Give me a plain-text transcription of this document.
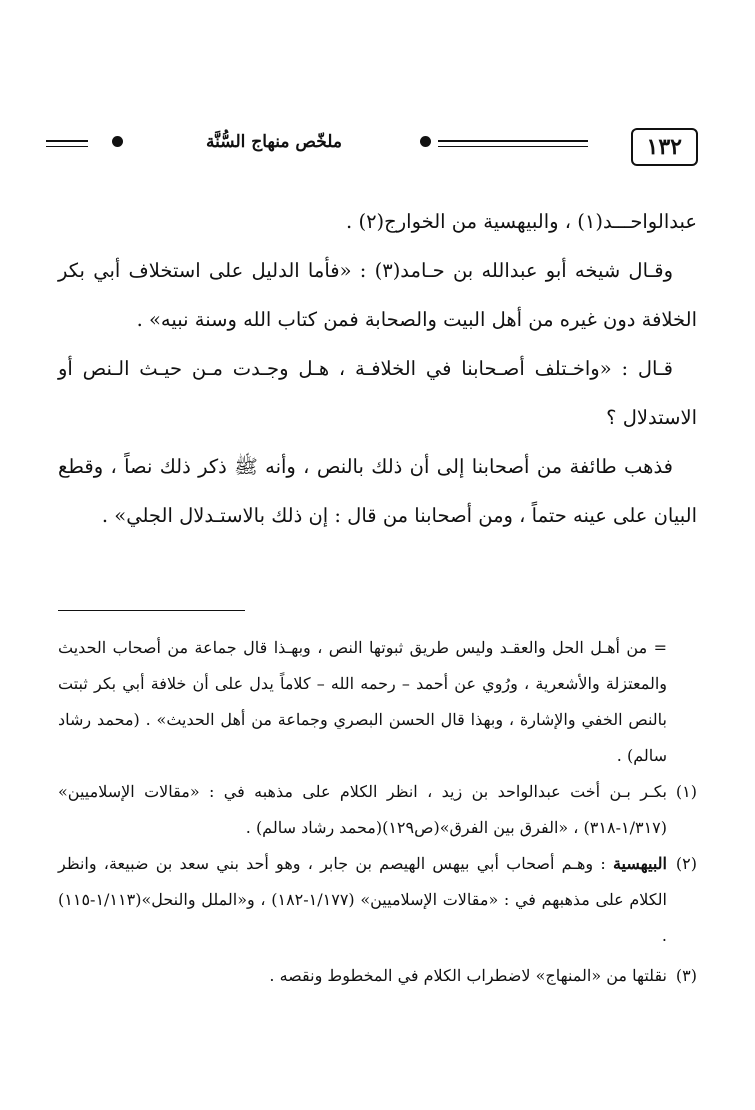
١٣٢
ملخّص منهاج السُّنَّة

عبدالواحـــد(١) ، والبيهسية من الخوارج(٢) .

وقـال شيخه أبو عبدالله بن حـامد(٣) : «فأما الدليل على استخلاف أبي بكر الخلافة دون غيره من أهل البيت والصحابة فمن كتاب الله وسنة نبيه» .

قـال : «واخـتلف أصـحابنا في الخلافـة ، هـل وجـدت مـن حيـث الـنص أو الاستدلال ؟

فذهب طائفة من أصحابنا إلى أن ذلك بالنص ، وأنه ﷺ ذكر ذلك نصاً ، وقطع البيان على عينه حتماً ، ومن أصحابنا من قال : إن ذلك بالاستـدلال الجلي» .

= من أهـل الحل والعقـد وليس طريق ثبوتها النص ، وبهـذا قال جماعة من أصحاب الحديث والمعتزلة والأشعرية ، ورُوي عن أحمد – رحمه الله – كلاماً يدل على أن خلافة أبي بكر ثبتت بالنص الخفي والإشارة ، وبهذا قال الحسن البصري وجماعة من أهل الحديث» . (محمد رشاد سالم) .

(١)بكـر بـن أخت عبدالواحد بن زيد ، انظر الكلام على مذهبه في : «مقالات الإسلاميين» (١/٣١٧-٣١٨) ، «الفرق بين الفرق»(ص١٢٩)(محمد رشاد سالم) .

(٢)البيهسية : وهـم أصحاب أبي بيهس الهيصم بن جابر ، وهو أحد بني سعد بن ضبيعة، وانظر الكلام على مذهبهم في : «مقالات الإسلاميين» (١/١٧٧-١٨٢) ، و«الملل والنحل»(١/١١٣-١١٥) .

(٣)نقلتها من «المنهاج» لاضطراب الكلام في المخطوط ونقصه .
